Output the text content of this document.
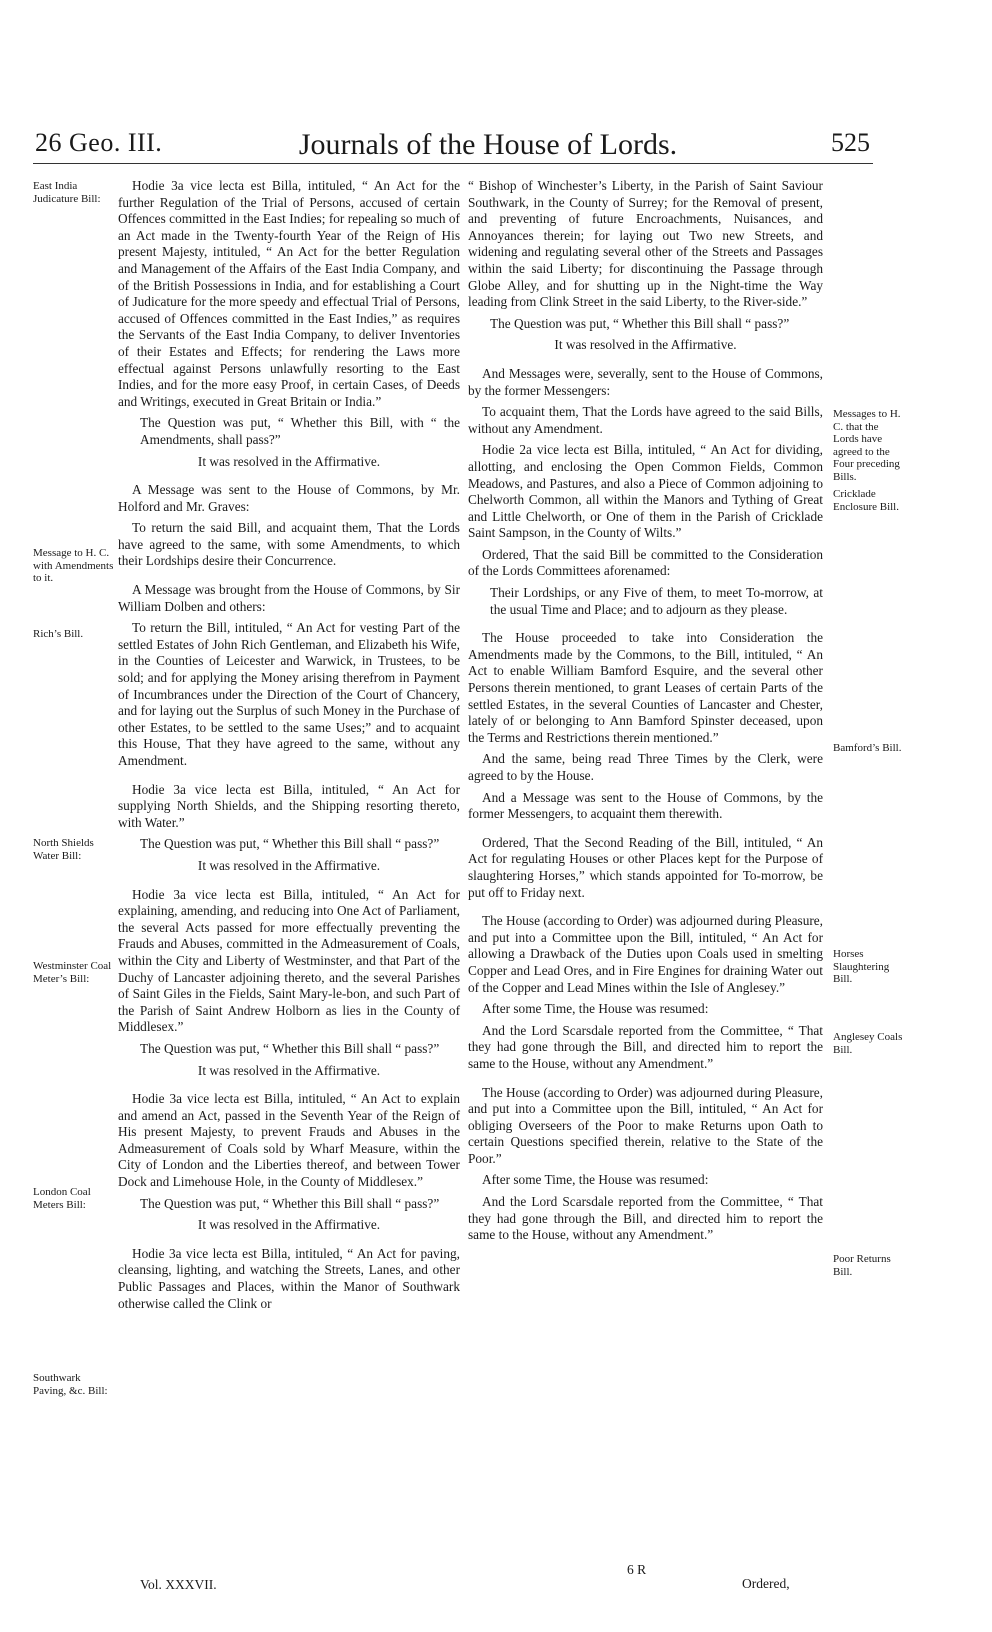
26 Geo. III.	Journals of the House of Lords.	525
East India Judicature Bill:
Message to H. C. with Amendments to it.
Rich’s Bill.
North Shields Water Bill:
Westminster Coal Meter’s Bill:
London Coal Meters Bill:
Southwark Paving, &c. Bill:
Messages to H. C. that the Lords have agreed to the Four preceding Bills.
Cricklade Enclosure Bill.
Bamford’s Bill.
Horses Slaughtering Bill.
Anglesey Coals Bill.
Poor Returns Bill.

Hodie 3a vice lecta est Billa, intituled, “ An Act for the further Regulation of the Trial of Persons, accused of certain Offences committed in the East Indies; for repealing so much of an Act made in the Twenty-fourth Year of the Reign of His present Majesty, intituled, “ An Act for the better Regulation and Management of the Affairs of the East India Company, and of the British Possessions in India, and for establishing a Court of Judicature for the more speedy and effectual Trial of Persons, accused of Offences committed in the East Indies,” as requires the Servants of the East India Company, to deliver Inventories of their Estates and Effects; for rendering the Laws more effectual against Persons unlawfully resorting to the East Indies, and for the more easy Proof, in certain Cases, of Deeds and Writings, executed in Great Britain or India.”

The Question was put, “ Whether this Bill, with “ the Amendments, shall pass?”

It was resolved in the Affirmative.

A Message was sent to the House of Commons, by Mr. Holford and Mr. Graves:

To return the said Bill, and acquaint them, That the Lords have agreed to the same, with some Amendments, to which their Lordships desire their Concurrence.

A Message was brought from the House of Commons, by Sir William Dolben and others:

To return the Bill, intituled, “ An Act for vesting Part of the settled Estates of John Rich Gentleman, and Elizabeth his Wife, in the Counties of Leicester and Warwick, in Trustees, to be sold; and for applying the Money arising therefrom in Payment of Incumbrances under the Direction of the Court of Chancery, and for laying out the Surplus of such Money in the Purchase of other Estates, to be settled to the same Uses;” and to acquaint this House, That they have agreed to the same, without any Amendment.

Hodie 3a vice lecta est Billa, intituled, “ An Act for supplying North Shields, and the Shipping resorting thereto, with Water.”

The Question was put, “ Whether this Bill shall “ pass?”

It was resolved in the Affirmative.

Hodie 3a vice lecta est Billa, intituled, “ An Act for explaining, amending, and reducing into One Act of Parliament, the several Acts passed for more effectually preventing the Frauds and Abuses, committed in the Admeasurement of Coals, within the City and Liberty of Westminster, and that Part of the Duchy of Lancaster adjoining thereto, and the several Parishes of Saint Giles in the Fields, Saint Mary-le-bon, and such Part of the Parish of Saint Andrew Holborn as lies in the County of Middlesex.”

The Question was put, “ Whether this Bill shall “ pass?”

It was resolved in the Affirmative.

Hodie 3a vice lecta est Billa, intituled, “ An Act to explain and amend an Act, passed in the Seventh Year of the Reign of His present Majesty, to prevent Frauds and Abuses in the Admeasurement of Coals sold by Wharf Measure, within the City of London and the Liberties thereof, and between Tower Dock and Limehouse Hole, in the County of Middlesex.”

The Question was put, “ Whether this Bill shall “ pass?”

It was resolved in the Affirmative.

Hodie 3a vice lecta est Billa, intituled, “ An Act for paving, cleansing, lighting, and watching the Streets, Lanes, and other Public Passages and Places, within the Manor of Southwark otherwise called the Clink or

“ Bishop of Winchester’s Liberty, in the Parish of Saint Saviour Southwark, in the County of Surrey; for the Removal of present, and preventing of future Encroachments, Nuisances, and Annoyances therein; for laying out Two new Streets, and widening and regulating several other of the Streets and Passages within the said Liberty; for discontinuing the Passage through Globe Alley, and for shutting up in the Night-time the Way leading from Clink Street in the said Liberty, to the River-side.”

The Question was put, “ Whether this Bill shall “ pass?”

It was resolved in the Affirmative.

And Messages were, severally, sent to the House of Commons, by the former Messengers:

To acquaint them, That the Lords have agreed to the said Bills, without any Amendment.

Hodie 2a vice lecta est Billa, intituled, “ An Act for dividing, allotting, and enclosing the Open Common Fields, Common Meadows, and Pastures, and also a Piece of Common adjoining to Chelworth Common, all within the Manors and Tything of Great and Little Chelworth, or One of them in the Parish of Cricklade Saint Sampson, in the County of Wilts.”

Ordered, That the said Bill be committed to the Consideration of the Lords Committees aforenamed:

Their Lordships, or any Five of them, to meet To-morrow, at the usual Time and Place; and to adjourn as they please.

The House proceeded to take into Consideration the Amendments made by the Commons, to the Bill, intituled, “ An Act to enable William Bamford Esquire, and the several other Persons therein mentioned, to grant Leases of certain Parts of the settled Estates, in the several Counties of Lancaster and Chester, lately of or belonging to Ann Bamford Spinster deceased, upon the Terms and Restrictions therein mentioned.”

And the same, being read Three Times by the Clerk, were agreed to by the House.

And a Message was sent to the House of Commons, by the former Messengers, to acquaint them therewith.

Ordered, That the Second Reading of the Bill, intituled, “ An Act for regulating Houses or other Places kept for the Purpose of slaughtering Horses,” which stands appointed for To-morrow, be put off to Friday next.

The House (according to Order) was adjourned during Pleasure, and put into a Committee upon the Bill, intituled, “ An Act for allowing a Drawback of the Duties upon Coals used in smelting Copper and Lead Ores, and in Fire Engines for draining Water out of the Copper and Lead Mines within the Isle of Anglesey.”

After some Time, the House was resumed:

And the Lord Scarsdale reported from the Committee, “ That they had gone through the Bill, and directed him to report the same to the House, without any Amendment.”

The House (according to Order) was adjourned during Pleasure, and put into a Committee upon the Bill, intituled, “ An Act for obliging Overseers of the Poor to make Returns upon Oath to certain Questions specified therein, relative to the State of the Poor.”

After some Time, the House was resumed:

And the Lord Scarsdale reported from the Committee, “ That they had gone through the Bill, and directed him to report the same to the House, without any Amendment.”

Vol. XXXVII.
6 R
Ordered,
